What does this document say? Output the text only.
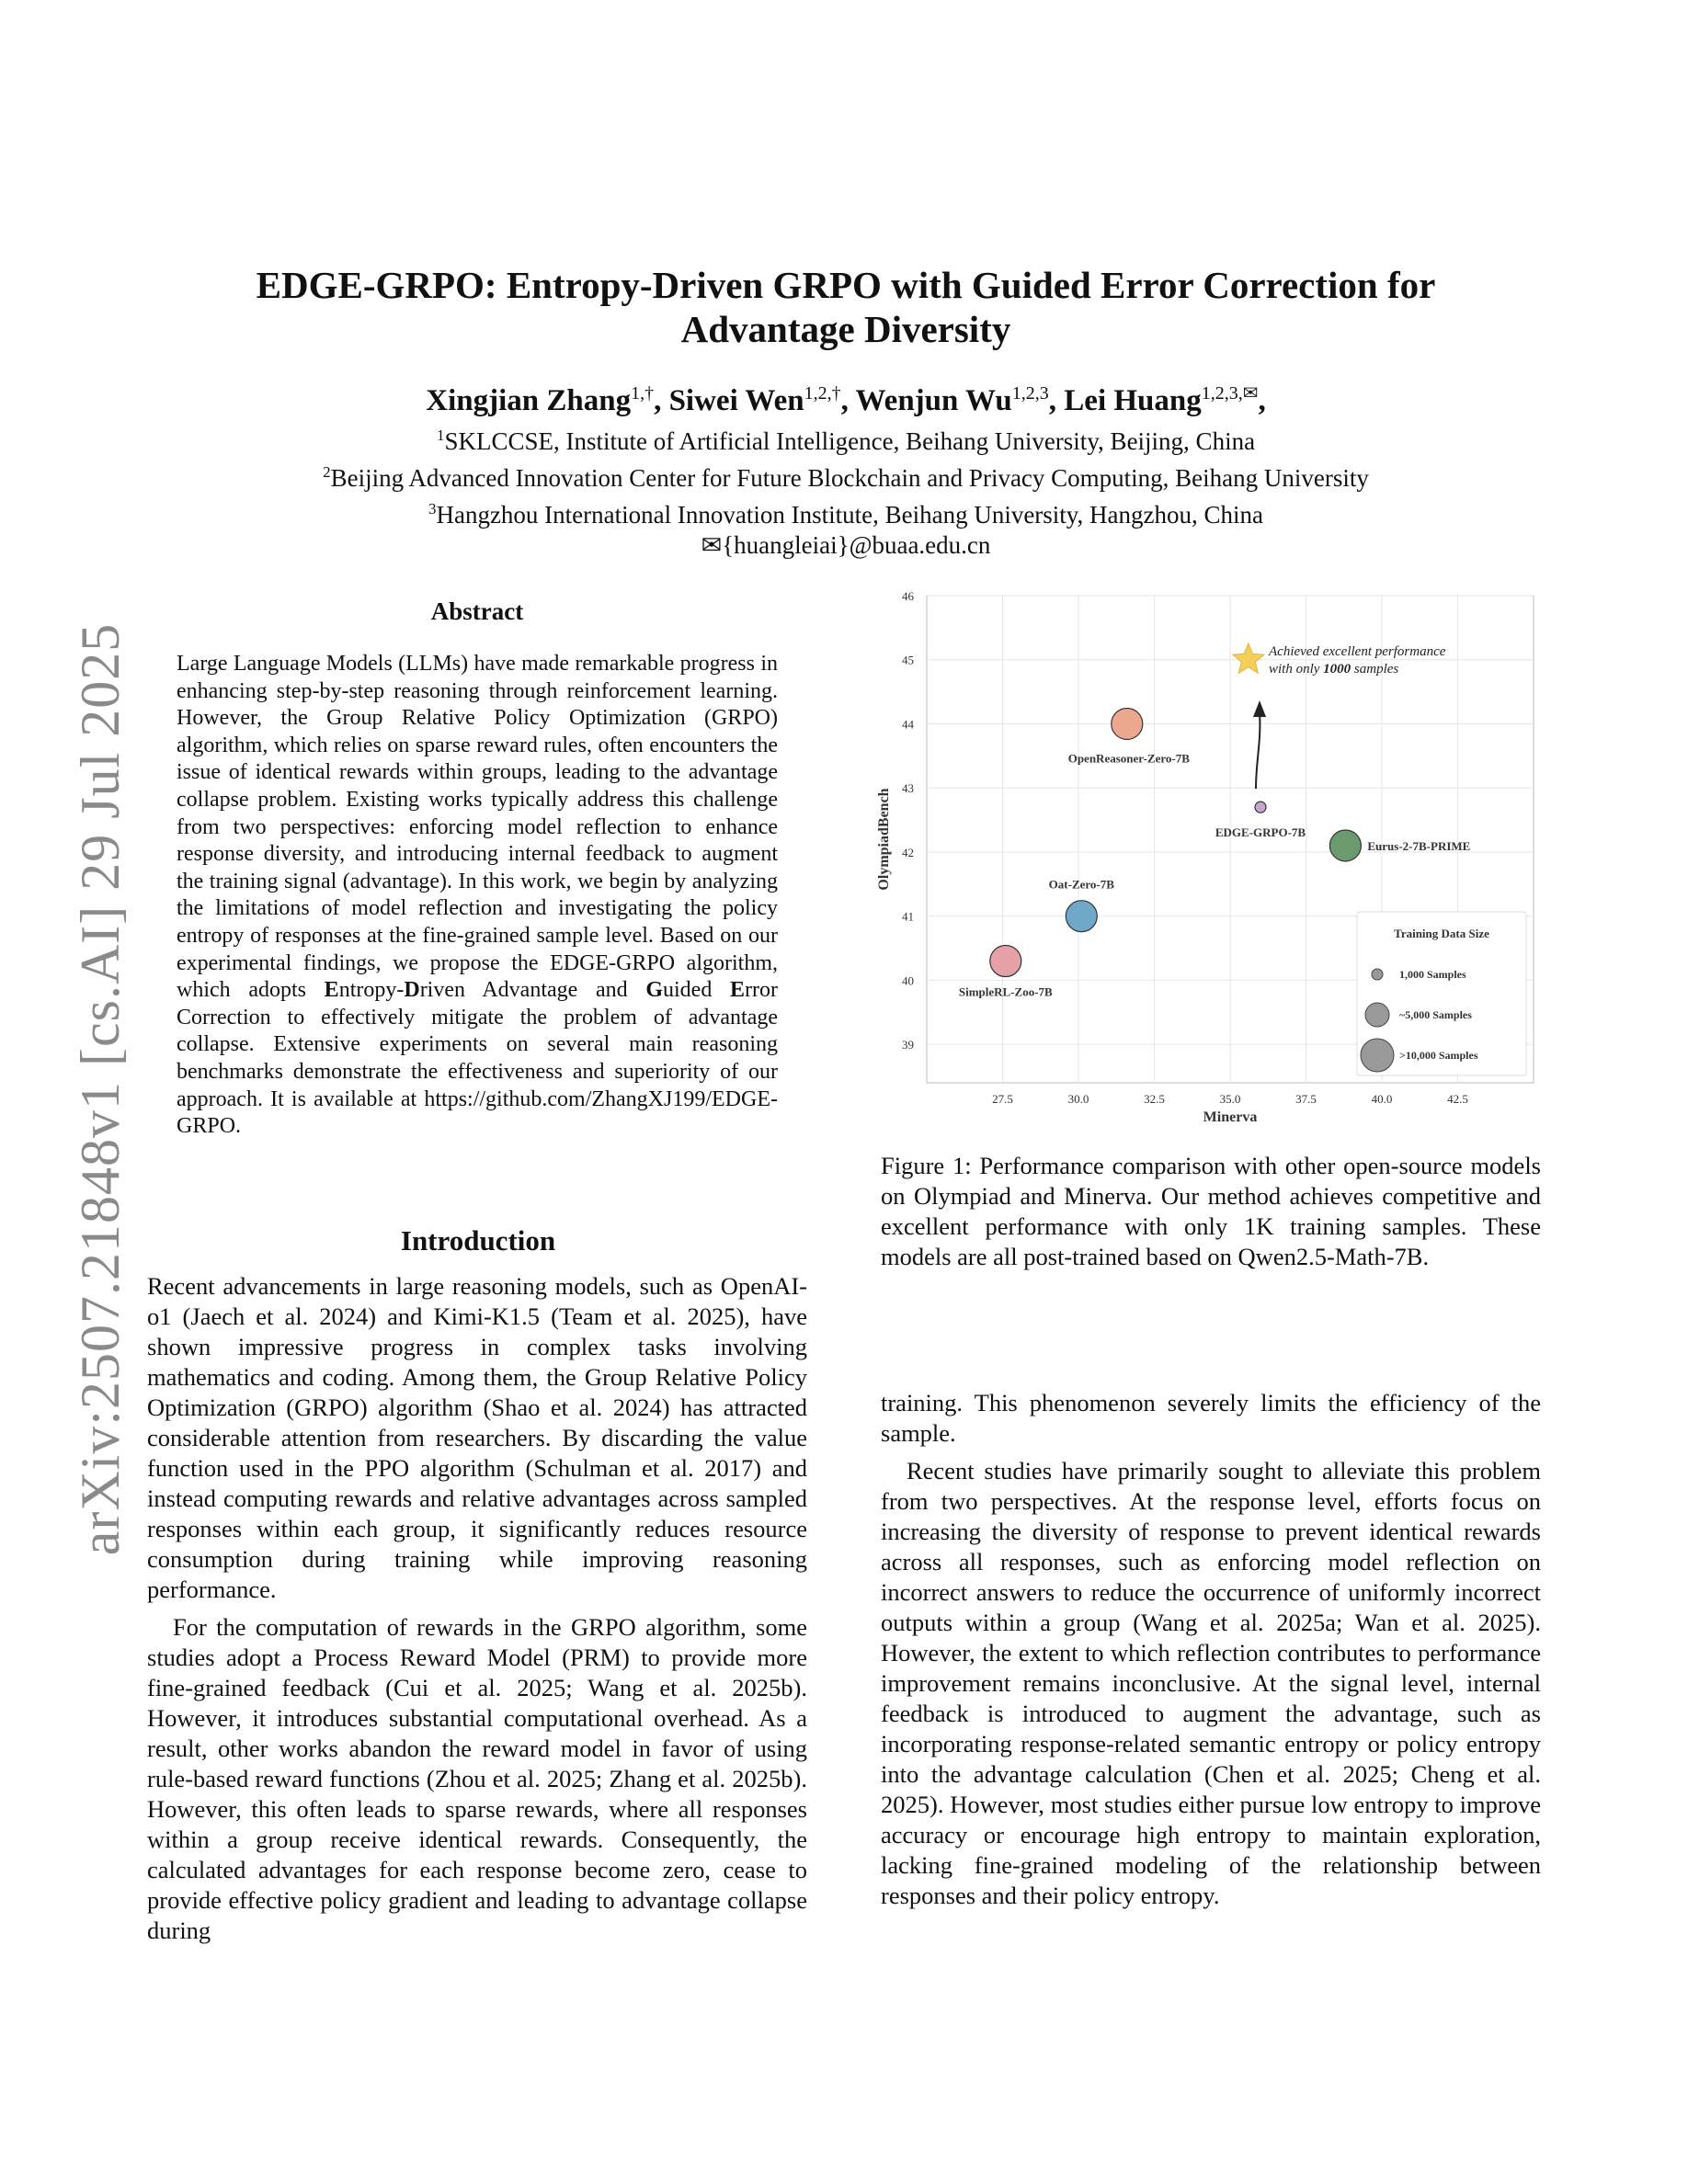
arXiv:2507.21848v1 [cs.AI] 29 Jul 2025
EDGE-GRPO: Entropy-Driven GRPO with Guided Error Correction for
Advantage Diversity
Xingjian Zhang$^{1,\dagger}$, Siwei Wen$^{1,2,\dagger}$, Wenjun Wu$^{1,2,3}$, Lei Huang$^{1,2,3,✉}$,
$^1$SKLCCSE, Institute of Artificial Intelligence, Beihang University, Beijing, China
$^2$Beijing Advanced Innovation Center for Future Blockchain and Privacy Computing, Beihang University
$^3$Hangzhou International Innovation Institute, Beihang University, Hangzhou, China
✉{huangleiai}@buaa.edu.cn
Abstract
Large Language Models (LLMs) have made remarkable progress in enhancing step-by-step reasoning through reinforcement learning. However, the Group Relative Policy Optimization (GRPO) algorithm, which relies on sparse reward rules, often encounters the issue of identical rewards within groups, leading to the advantage collapse problem. Existing works typically address this challenge from two perspectives: enforcing model reflection to enhance response diversity, and introducing internal feedback to augment the training signal (advantage). In this work, we begin by analyzing the limitations of model reflection and investigating the policy entropy of responses at the fine-grained sample level. Based on our experimental findings, we propose the EDGE-GRPO algorithm, which adopts Entropy-Driven Advantage and Guided Error Correction to effectively mitigate the problem of advantage collapse. Extensive experiments on several main reasoning benchmarks demonstrate the effectiveness and superiority of our approach. It is available at https://github.com/ZhangXJ199/EDGE-GRPO.
Introduction

Recent advancements in large reasoning models, such as OpenAI-o1 (Jaech et al. 2024) and Kimi-K1.5 (Team et al. 2025), have shown impressive progress in complex tasks involving mathematics and coding. Among them, the Group Relative Policy Optimization (GRPO) algorithm (Shao et al. 2024) has attracted considerable attention from researchers. By discarding the value function used in the PPO algorithm (Schulman et al. 2017) and instead computing rewards and relative advantages across sampled responses within each group, it significantly reduces resource consumption during training while improving reasoning performance.

For the computation of rewards in the GRPO algorithm, some studies adopt a Process Reward Model (PRM) to provide more fine-grained feedback (Cui et al. 2025; Wang et al. 2025b). However, it introduces substantial computational overhead. As a result, other works abandon the reward model in favor of using rule-based reward functions (Zhou et al. 2025; Zhang et al. 2025b). However, this often leads to sparse rewards, where all responses within a group receive identical rewards. Consequently, the calculated advantages for each response become zero, cease to provide effective policy gradient and leading to advantage collapse during

39
40
41
42
43
44
45
46
27.5	30.0	32.5	35.0	37.5	40.0	42.5
OlympiadBench
Minerva
SimpleRL-Zoo-7B
Oat-Zero-7B
OpenReasoner-Zero-7B
EDGE-GRPO-7B
Eurus-2-7B-PRIME
Achieved excellent performance
with only 1000 samples
Training Data Size
1,000 Samples
~5,000 Samples
>10,000 Samples

Figure 1: Performance comparison with other open-source models on Olympiad and Minerva. Our method achieves competitive and excellent performance with only 1K training samples. These models are all post-trained based on Qwen2.5-Math-7B.

training. This phenomenon severely limits the efficiency of the sample.

Recent studies have primarily sought to alleviate this problem from two perspectives. At the response level, efforts focus on increasing the diversity of response to prevent identical rewards across all responses, such as enforcing model reflection on incorrect answers to reduce the occurrence of uniformly incorrect outputs within a group (Wang et al. 2025a; Wan et al. 2025). However, the extent to which reflection contributes to performance improvement remains inconclusive. At the signal level, internal feedback is introduced to augment the advantage, such as incorporating response-related semantic entropy or policy entropy into the advantage calculation (Chen et al. 2025; Cheng et al. 2025). However, most studies either pursue low entropy to improve accuracy or encourage high entropy to maintain exploration, lacking fine-grained modeling of the relationship between responses and their policy entropy.
